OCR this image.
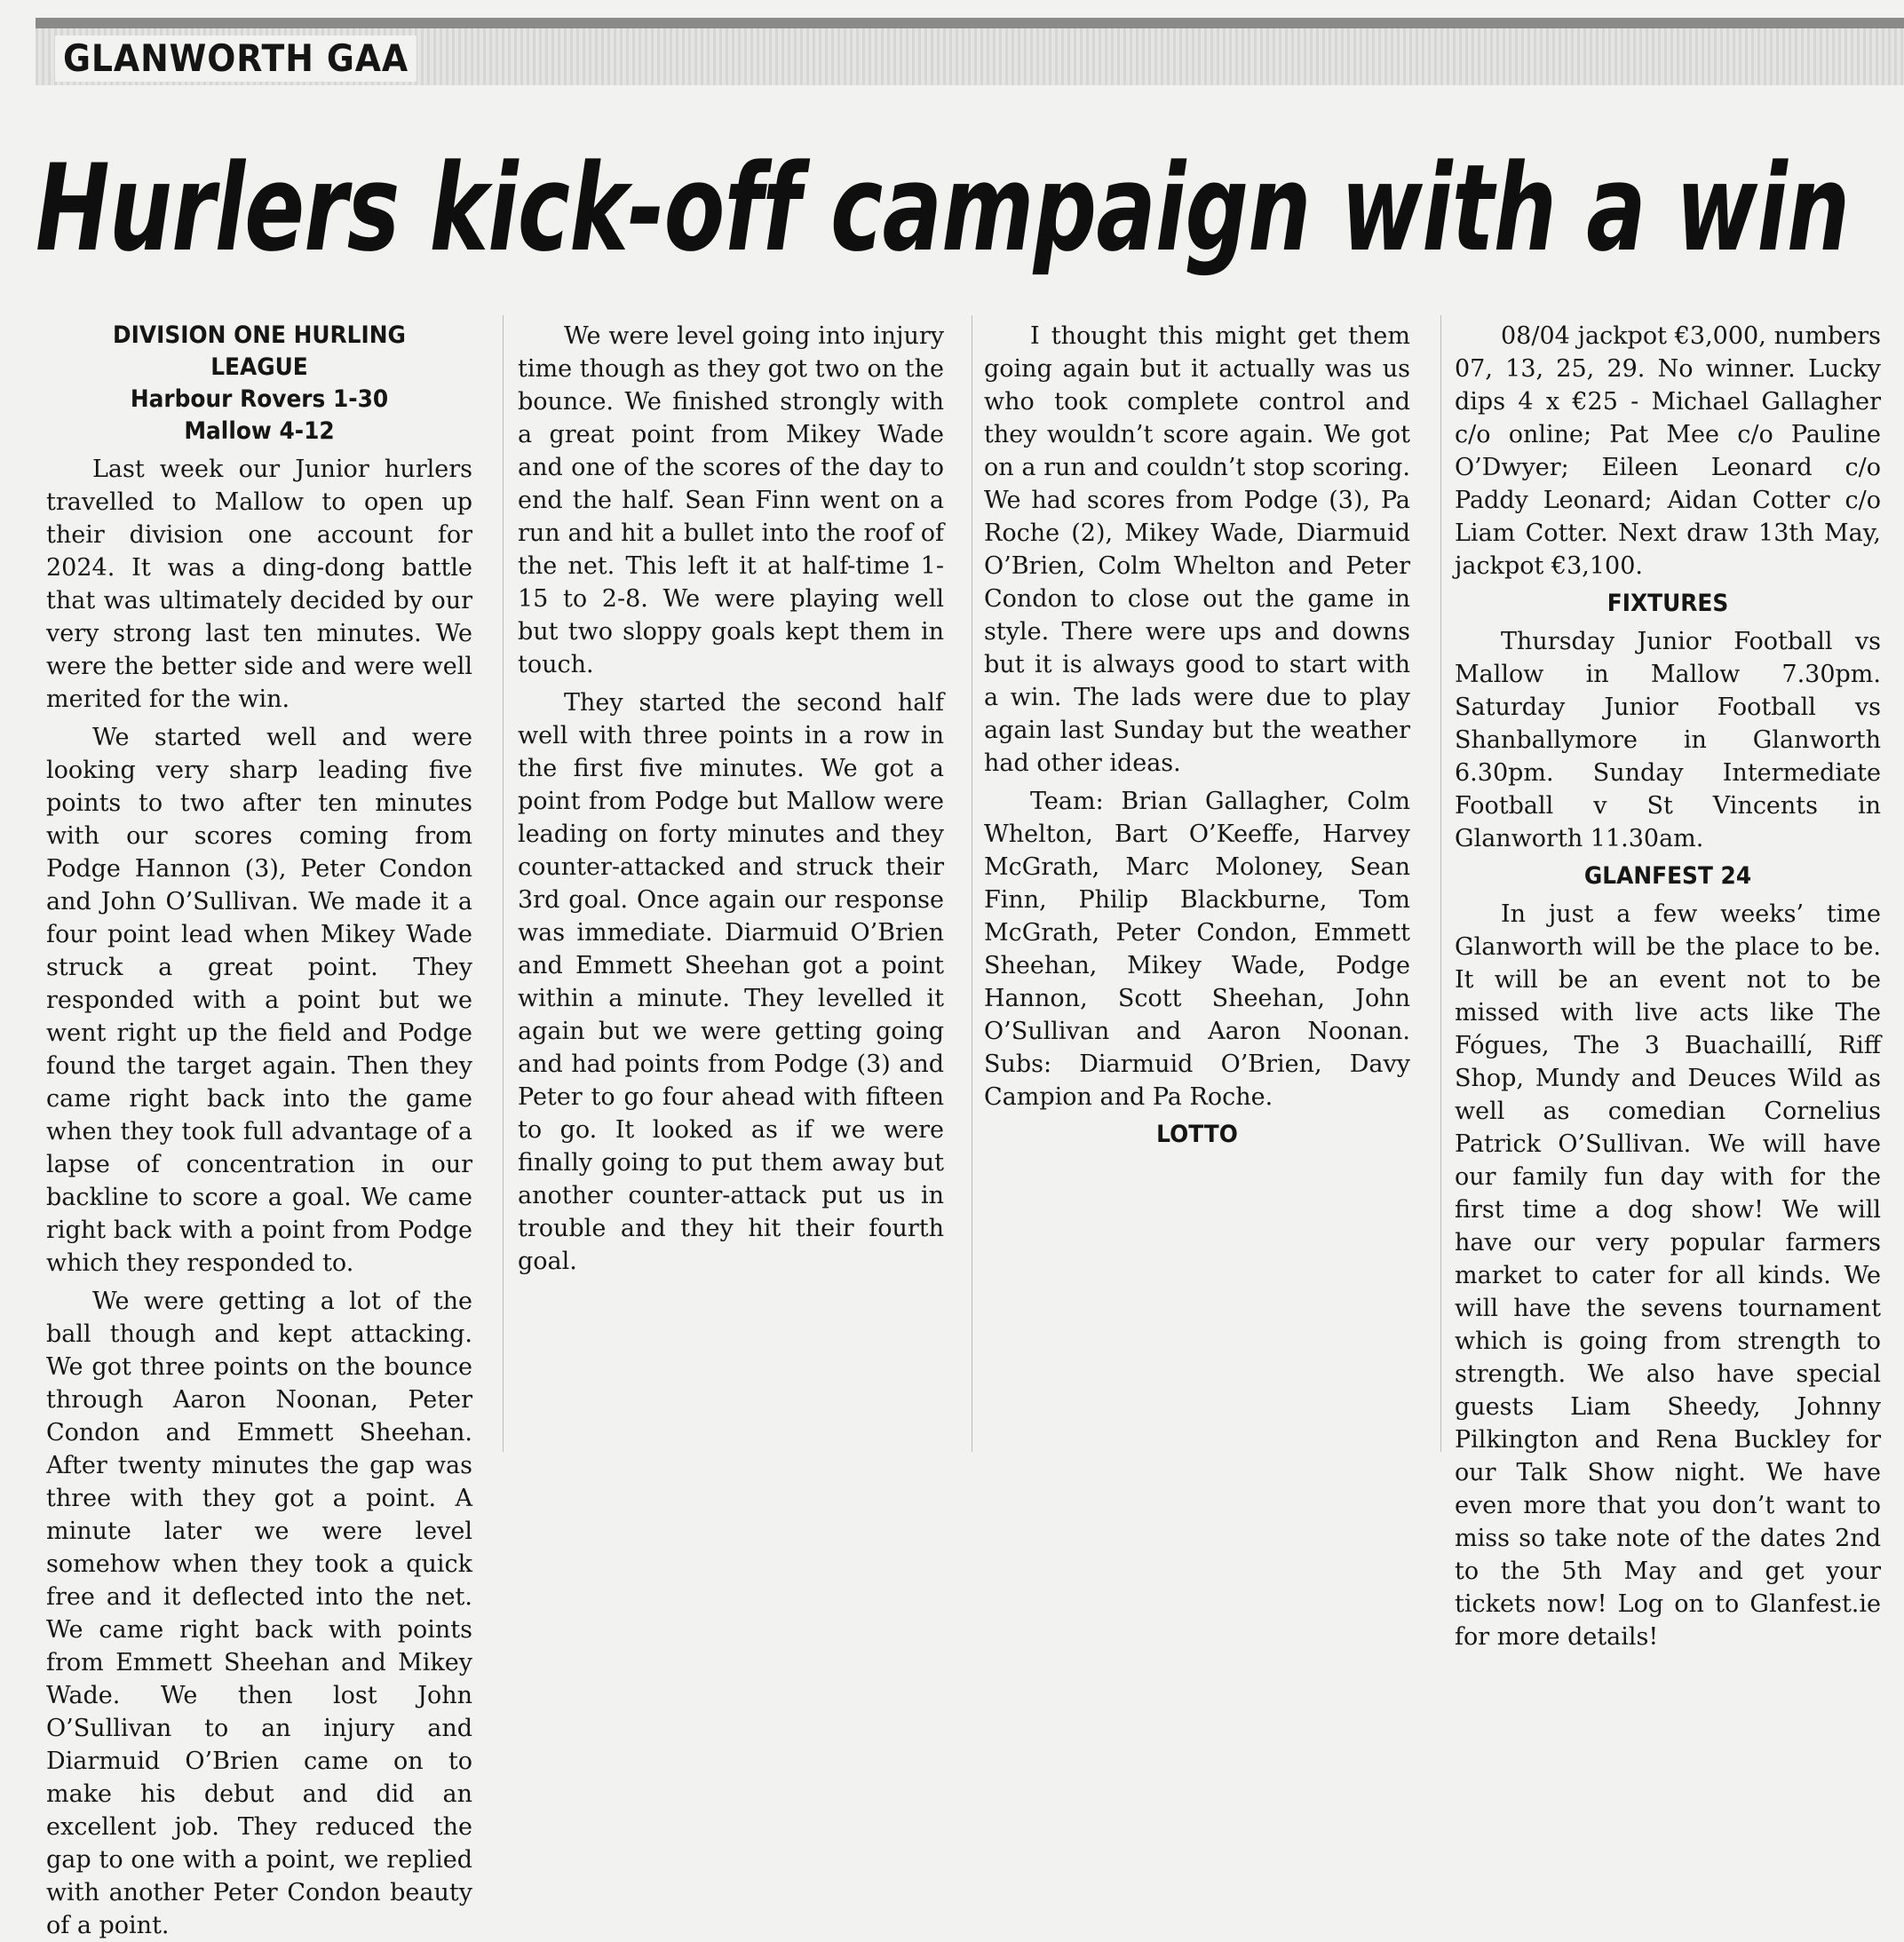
GLANWORTH GAA
Hurlers kick-off campaign with a win

DIVISION ONE HURLING LEAGUE

Harbour Rovers 1-30

Mallow 4-12

Last week our Junior hurlers travelled to Mallow to open up their division one account for 2024. It was a ding-dong battle that was ultimately decided by our very strong last ten minutes. We were the better side and were well merited for the win.

We started well and were looking very sharp leading five points to two after ten minutes with our scores coming from Podge Hannon (3), Peter Condon and John O’Sullivan. We made it a four point lead when Mikey Wade struck a great point. They responded with a point but we went right up the field and Podge found the target again. Then they came right back into the game when they took full advantage of a lapse of concentration in our backline to score a goal. We came right back with a point from Podge which they responded to.

We were getting a lot of the ball though and kept attacking. We got three points on the bounce through Aaron Noonan, Peter Condon and Emmett Sheehan. After twenty minutes the gap was three with they got a point. A minute later we were level somehow when they took a quick free and it deflected into the net. We came right back with points from Emmett Sheehan and Mikey Wade. We then lost John O’Sullivan to an injury and Diarmuid O’Brien came on to make his debut and did an excellent job. They reduced the gap to one with a point, we replied with another Peter Condon beauty of a point.

We were level going into injury time though as they got two on the bounce. We finished strongly with a great point from Mikey Wade and one of the scores of the day to end the half. Sean Finn went on a run and hit a bullet into the roof of the net. This left it at half-time 1-15 to 2-8. We were playing well but two sloppy goals kept them in touch.

They started the second half well with three points in a row in the first five minutes. We got a point from Podge but Mallow were leading on forty minutes and they counter-attacked and struck their 3rd goal. Once again our response was immediate. Diarmuid O’Brien and Emmett Sheehan got a point within a minute. They levelled it again but we were getting going and had points from Podge (3) and Peter to go four ahead with fifteen to go. It looked as if we were finally going to put them away but another counter-attack put us in trouble and they hit their fourth goal.

I thought this might get them going again but it actually was us who took complete control and they wouldn’t score again. We got on a run and couldn’t stop scoring. We had scores from Podge (3), Pa Roche (2), Mikey Wade, Diarmuid O’Brien, Colm Whelton and Peter Condon to close out the game in style. There were ups and downs but it is always good to start with a win. The lads were due to play again last Sunday but the weather had other ideas.

Team: Brian Gallagher, Colm Whelton, Bart O’Keeffe, Harvey McGrath, Marc Moloney, Sean Finn, Philip Blackburne, Tom McGrath, Peter Condon, Emmett Sheehan, Mikey Wade, Podge Hannon, Scott Sheehan, John O’Sullivan and Aaron Noonan. Subs: Diarmuid O’Brien, Davy Campion and Pa Roche.

LOTTO

08/04 jackpot €3,000, numbers 07, 13, 25, 29. No winner. Lucky dips 4 x €25 - Michael Gallagher c/o online; Pat Mee c/o Pauline O’Dwyer; Eileen Leonard c/o Paddy Leonard; Aidan Cotter c/o Liam Cotter. Next draw 13th May, jackpot €3,100.

FIXTURES

Thursday Junior Football vs Mallow in Mallow 7.30pm. Saturday Junior Football vs Shanballymore in Glanworth 6.30pm. Sunday Intermediate Football v St Vincents in Glanworth 11.30am.

GLANFEST 24

In just a few weeks’ time Glanworth will be the place to be. It will be an event not to be missed with live acts like The Fógues, The 3 Buachaillí, Riff Shop, Mundy and Deuces Wild as well as comedian Cornelius Patrick O’Sullivan. We will have our family fun day with for the first time a dog show! We will have our very popular farmers market to cater for all kinds. We will have the sevens tournament which is going from strength to strength. We also have special guests Liam Sheedy, Johnny Pilkington and Rena Buckley for our Talk Show night. We have even more that you don’t want to miss so take note of the dates 2nd to the 5th May and get your tickets now! Log on to Glanfest.ie for more details!
